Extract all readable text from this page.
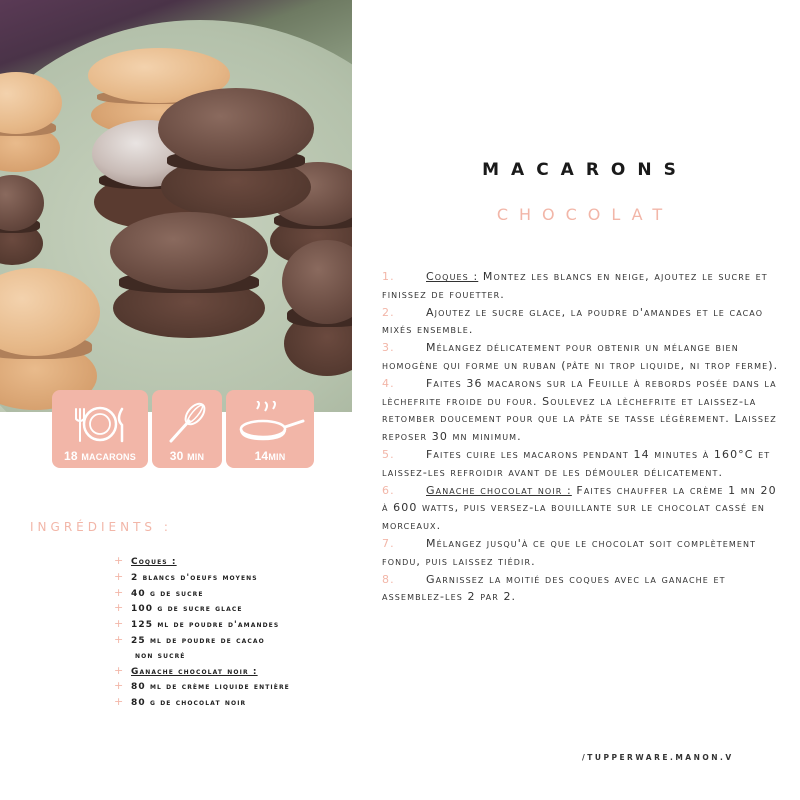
18 MACARONS	30 MIN	14MIN
MACARONS
CHOCOLAT

1.	Coques : Montez les blancs en neige, ajoutez le sucre et finissez de fouetter.

2.	Ajoutez le sucre glace, la poudre d'amandes et le cacao mixés ensemble.

3.	Mélangez délicatement pour obtenir un mélange bien homogène qui forme un ruban (pâte ni trop liquide, ni trop ferme).

4.	Faites 36 macarons sur la Feuille à rebords posée dans la lèchefrite froide du four. Soulevez la lèchefrite et laissez-la retomber doucement pour que la pâte se tasse légèrement. Laissez reposer 30 mn minimum.

5.	Faites cuire les macarons pendant 14 minutes à 160°C et laissez-les refroidir avant de les démouler délicatement.

6.	Ganache chocolat noir : Faites chauffer la crème 1 mn 20 à 600 watts, puis versez-la bouillante sur le chocolat cassé en morceaux.

7.	Mélangez jusqu'à ce que le chocolat soit complètement fondu, puis laissez tiédir.

8.	Garnissez la moitié des coques avec la ganache et assemblez-les 2 par 2.

INGRÉDIENTS :
+ Coques :
+ 2 blancs d'oeufs moyens
+ 40 g de sucre
+ 100 g de sucre glace
+ 125 ml de poudre d'amandes
+ 25 ml de poudre de cacao
non sucré
+ Ganache chocolat noir :
+ 80 ml de crème liquide entière
+ 80 g de chocolat noir
/TUPPERWARE.MANON.V
